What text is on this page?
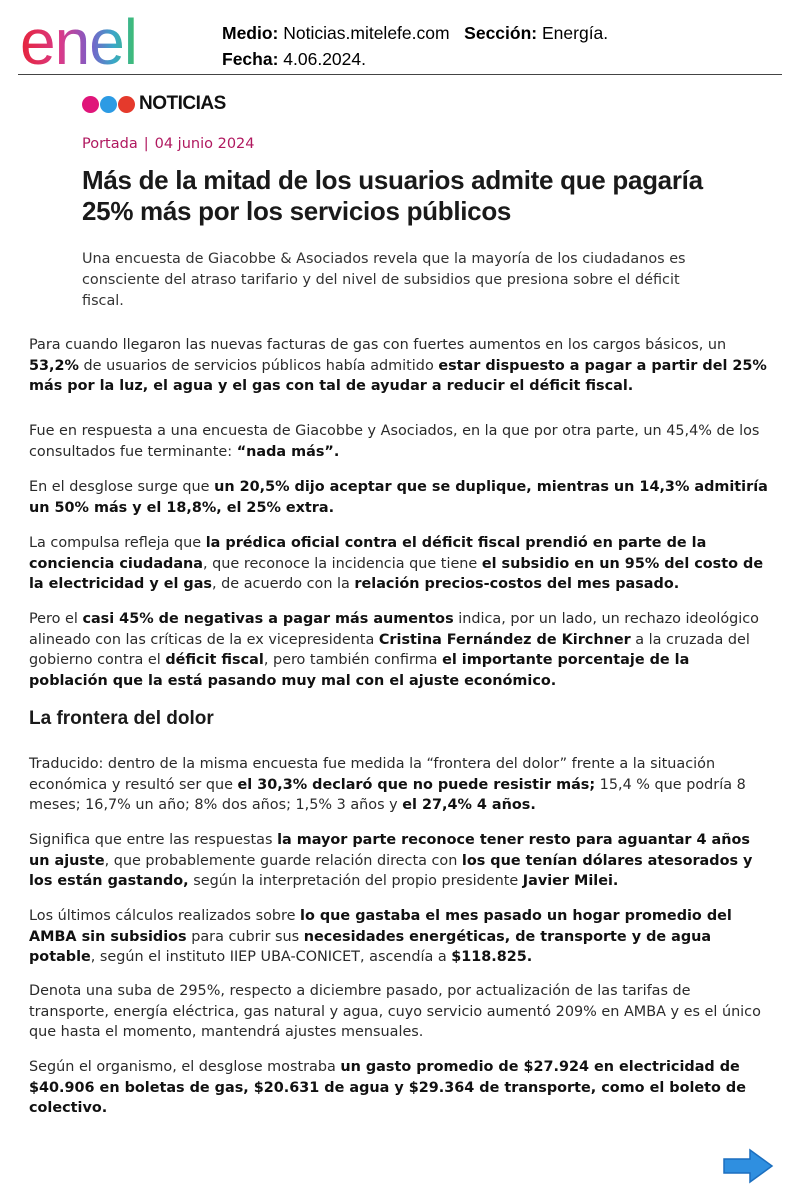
enel	Medio: Noticias.mitelefe.com Sección: Energía.
Fecha: 4.06.2024.
NOTICIAS
Portada | 04 junio 2024
Más de la mitad de los usuarios admite que pagaría 25% más por los servicios públicos

Una encuesta de Giacobbe & Asociados revela que la mayoría de los ciudadanos es consciente del atraso tarifario y del nivel de subsidios que presiona sobre el déficit fiscal.

Para cuando llegaron las nuevas facturas de gas con fuertes aumentos en los cargos básicos, un 53,2% de usuarios de servicios públicos había admitido estar dispuesto a pagar a partir del 25% más por la luz, el agua y el gas con tal de ayudar a reducir el déficit fiscal.

Fue en respuesta a una encuesta de Giacobbe y Asociados, en la que por otra parte, un 45,4% de los consultados fue terminante: “nada más”.

En el desglose surge que un 20,5% dijo aceptar que se duplique, mientras un 14,3% admitiría un 50% más y el 18,8%, el 25% extra.

La compulsa refleja que la prédica oficial contra el déficit fiscal prendió en parte de la conciencia ciudadana, que reconoce la incidencia que tiene el subsidio en un 95% del costo de la electricidad y el gas, de acuerdo con la relación precios-costos del mes pasado.

Pero el casi 45% de negativas a pagar más aumentos indica, por un lado, un rechazo ideológico alineado con las críticas de la ex vicepresidenta Cristina Fernández de Kirchner a la cruzada del gobierno contra el déficit fiscal, pero también confirma el importante porcentaje de la población que la está pasando muy mal con el ajuste económico.

La frontera del dolor

Traducido: dentro de la misma encuesta fue medida la “frontera del dolor” frente a la situación económica y resultó ser que el 30,3% declaró que no puede resistir más; 15,4 % que podría 8 meses; 16,7% un año; 8% dos años; 1,5% 3 años y el 27,4% 4 años.

Significa que entre las respuestas la mayor parte reconoce tener resto para aguantar 4 años un ajuste, que probablemente guarde relación directa con los que tenían dólares atesorados y los están gastando, según la interpretación del propio presidente Javier Milei.

Los últimos cálculos realizados sobre lo que gastaba el mes pasado un hogar promedio del AMBA sin subsidios para cubrir sus necesidades energéticas, de transporte y de agua potable, según el instituto IIEP UBA-CONICET, ascendía a $118.825.

Denota una suba de 295%, respecto a diciembre pasado, por actualización de las tarifas de transporte, energía eléctrica, gas natural y agua, cuyo servicio aumentó 209% en AMBA y es el único que hasta el momento, mantendrá ajustes mensuales.

Según el organismo, el desglose mostraba un gasto promedio de $27.924 en electricidad de $40.906 en boletas de gas, $20.631 de agua y $29.364 de transporte, como el boleto de colectivo.
